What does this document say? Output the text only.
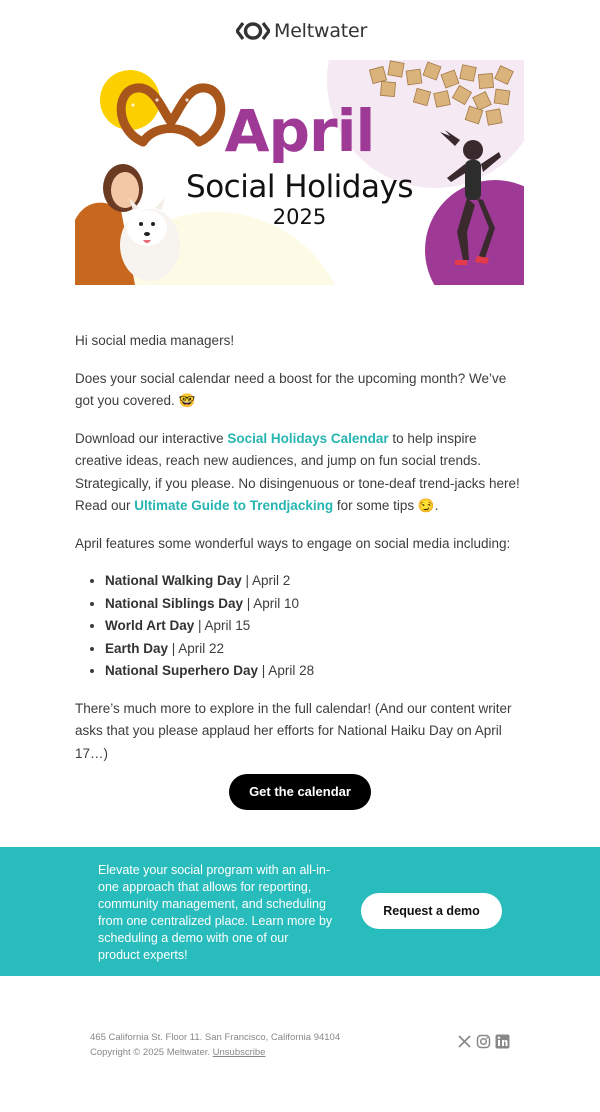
Meltwater
April
Social Holidays
2025

Hi social media managers!

Does your social calendar need a boost for the upcoming month? We’ve got you covered. 🤓

Download our interactive Social Holidays Calendar to help inspire creative ideas, reach new audiences, and jump on fun social trends. Strategically, if you please. No disingenuous or tone-deaf trend-jacks here! Read our Ultimate Guide to Trendjacking for some tips 😏.

April features some wonderful ways to engage on social media including:

• National Walking Day | April 2
• National Siblings Day | April 10
• World Art Day | April 15
• Earth Day | April 22
• National Superhero Day | April 28

There’s much more to explore in the full calendar! (And our content writer asks that you please applaud her efforts for National Haiku Day on April 17…)

Get the calendar
Elevate your social program with an all-in-one approach that allows for reporting, community management, and scheduling from one centralized place. Learn more by scheduling a demo with one of our product experts!
Request a demo
465 California St. Floor 11. San Francisco, California 94104
Copyright © 2025 Meltwater. Unsubscribe
